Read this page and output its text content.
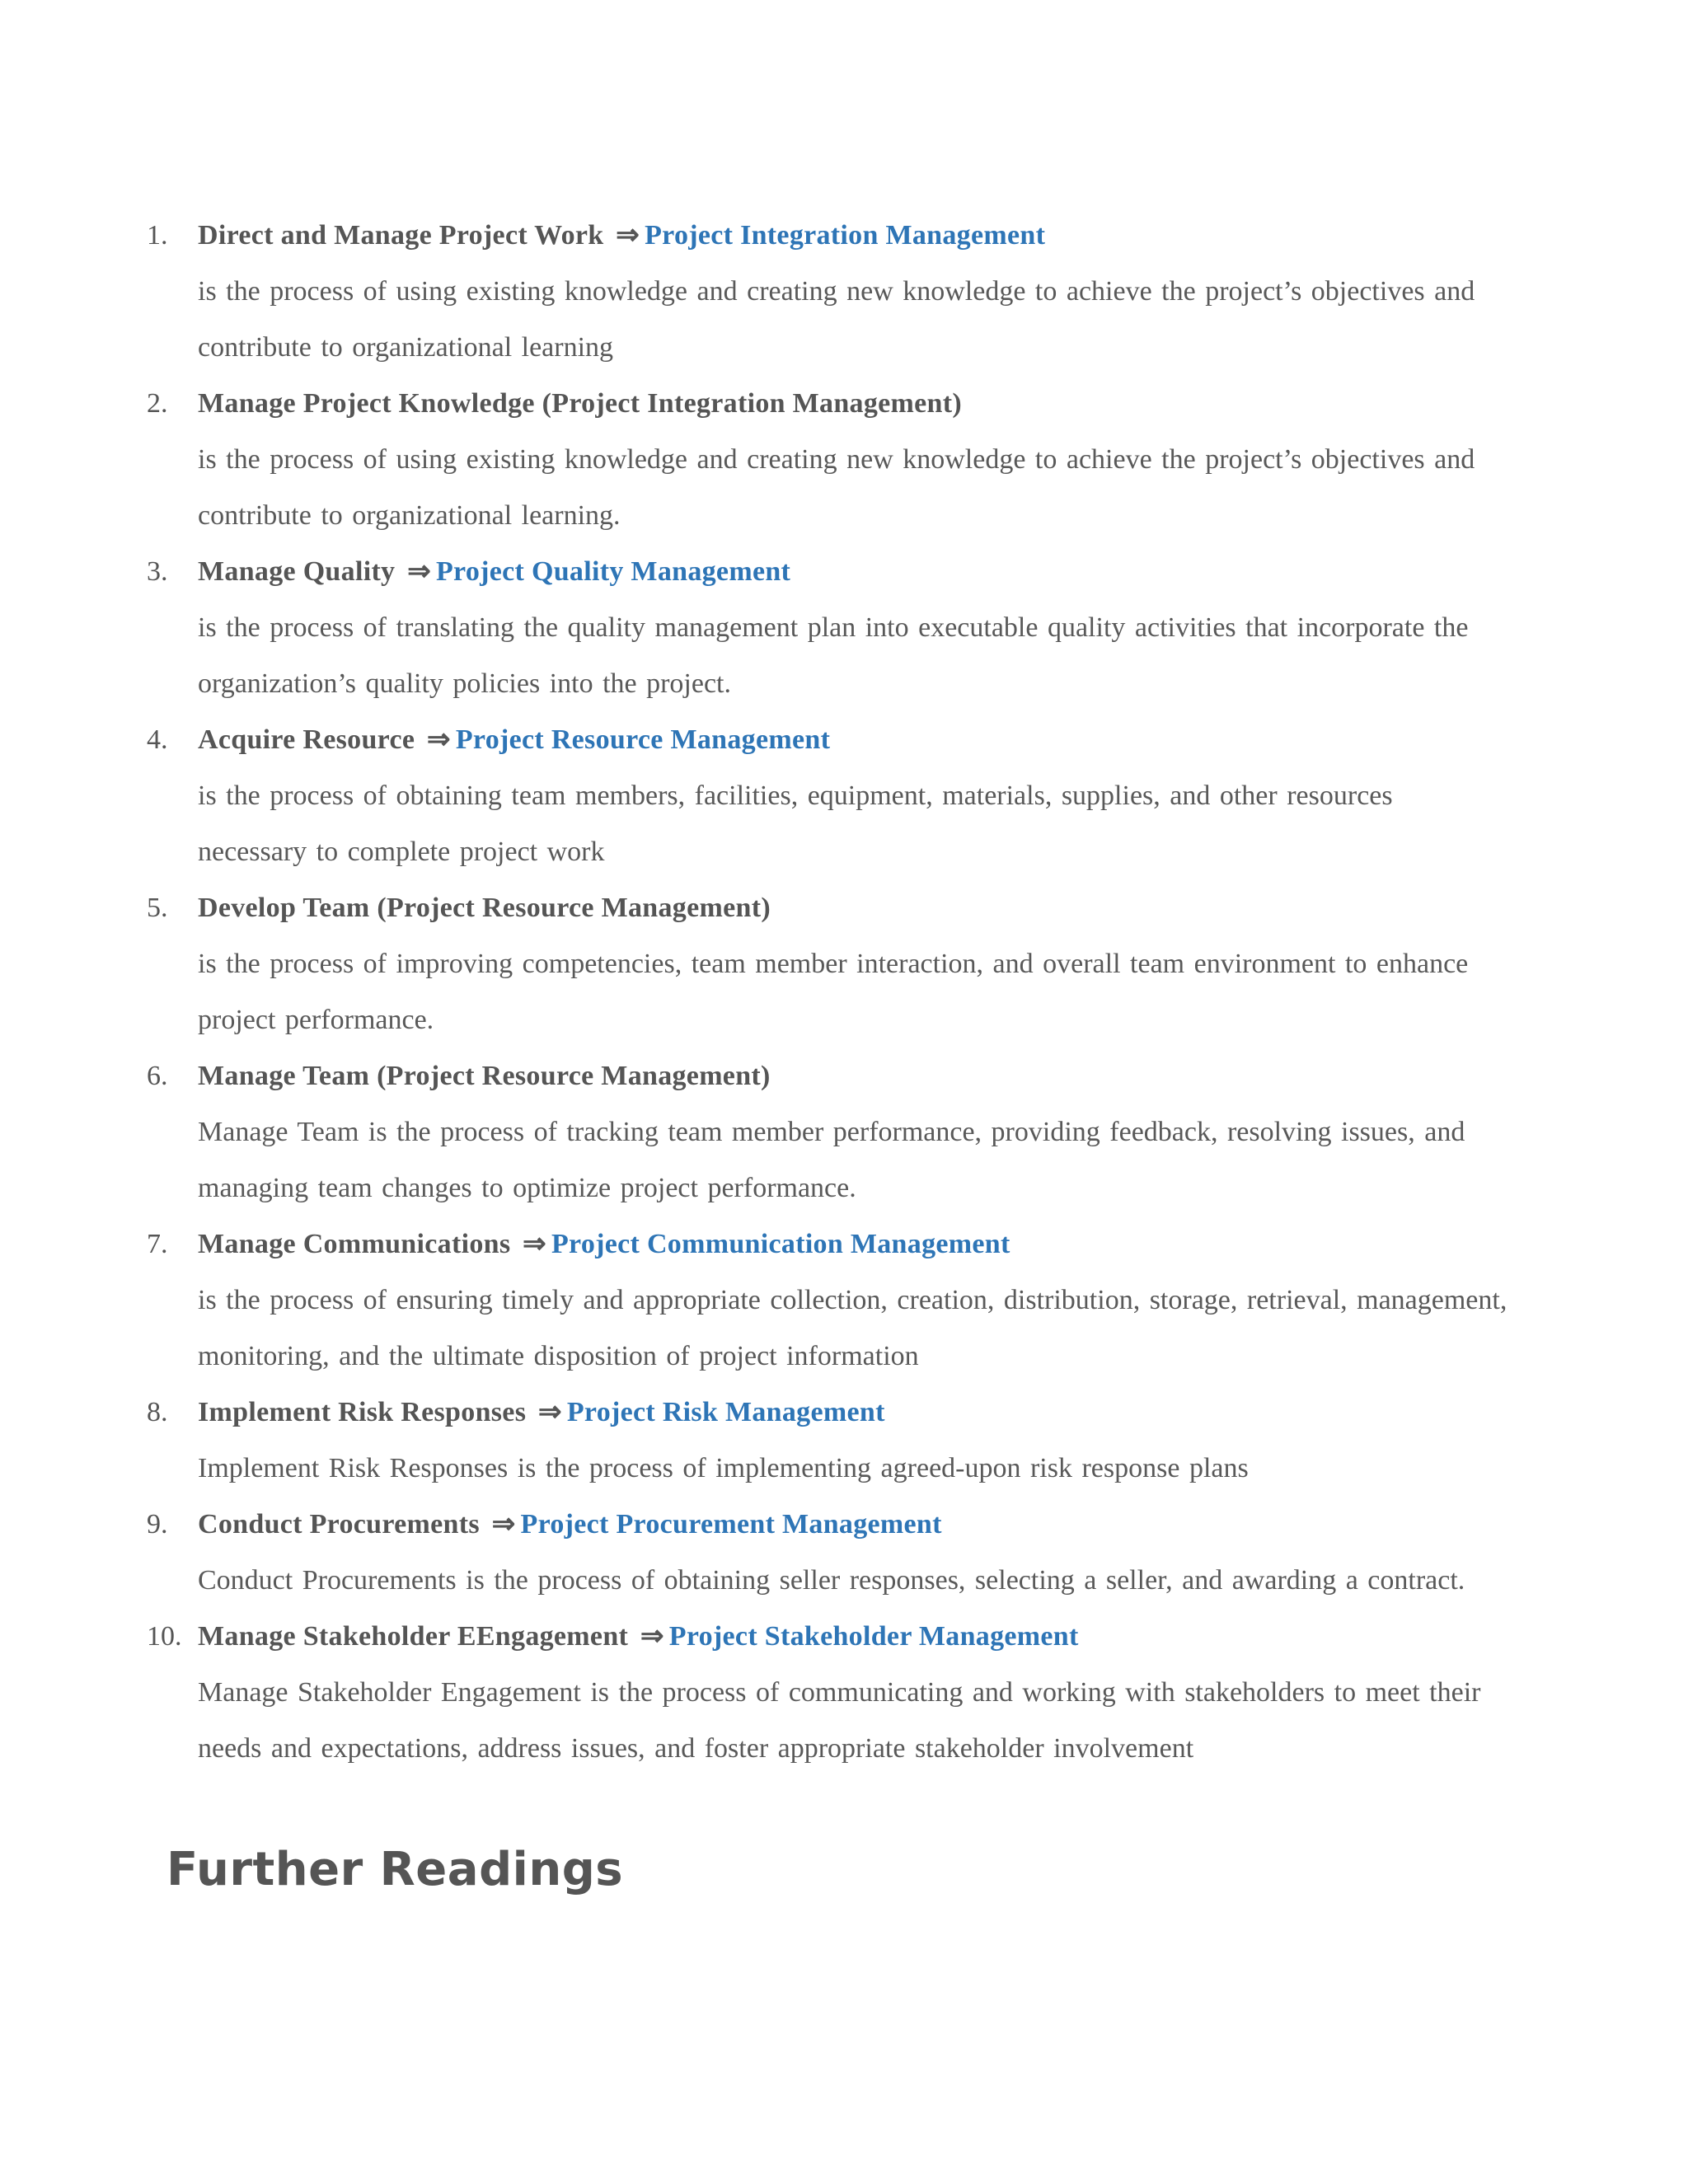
1.	Direct and Manage Project Work ⇒ Project Integration Management
is the process of using existing knowledge and creating new knowledge to achieve the project’s objectives and contribute to organizational learning
2.	Manage Project Knowledge (Project Integration Management)
is the process of using existing knowledge and creating new knowledge to achieve the project’s objectives and contribute to organizational learning.
3.	Manage Quality ⇒ Project Quality Management
is the process of translating the quality management plan into executable quality activities that incorporate the organization’s quality policies into the project.
4.	Acquire Resource ⇒ Project Resource Management
is the process of obtaining team members, facilities, equipment, materials, supplies, and other resources necessary to complete project work
5.	Develop Team (Project Resource Management)
is the process of improving competencies, team member interaction, and overall team environment to enhance project performance.
6.	Manage Team (Project Resource Management)
Manage Team is the process of tracking team member performance, providing feedback, resolving issues, and managing team changes to optimize project performance.
7.	Manage Communications ⇒ Project Communication Management
is the process of ensuring timely and appropriate collection, creation, distribution, storage, retrieval, management, monitoring, and the ultimate disposition of project information
8.	Implement Risk Responses ⇒ Project Risk Management
Implement Risk Responses is the process of implementing agreed-upon risk response plans
9.	Conduct Procurements ⇒ Project Procurement Management
Conduct Procurements is the process of obtaining seller responses, selecting a seller, and awarding a contract.
10. Manage Stakeholder EEngagement ⇒ Project Stakeholder Management
Manage Stakeholder Engagement is the process of communicating and working with stakeholders to meet their needs and expectations, address issues, and foster appropriate stakeholder involvement
Further Readings
